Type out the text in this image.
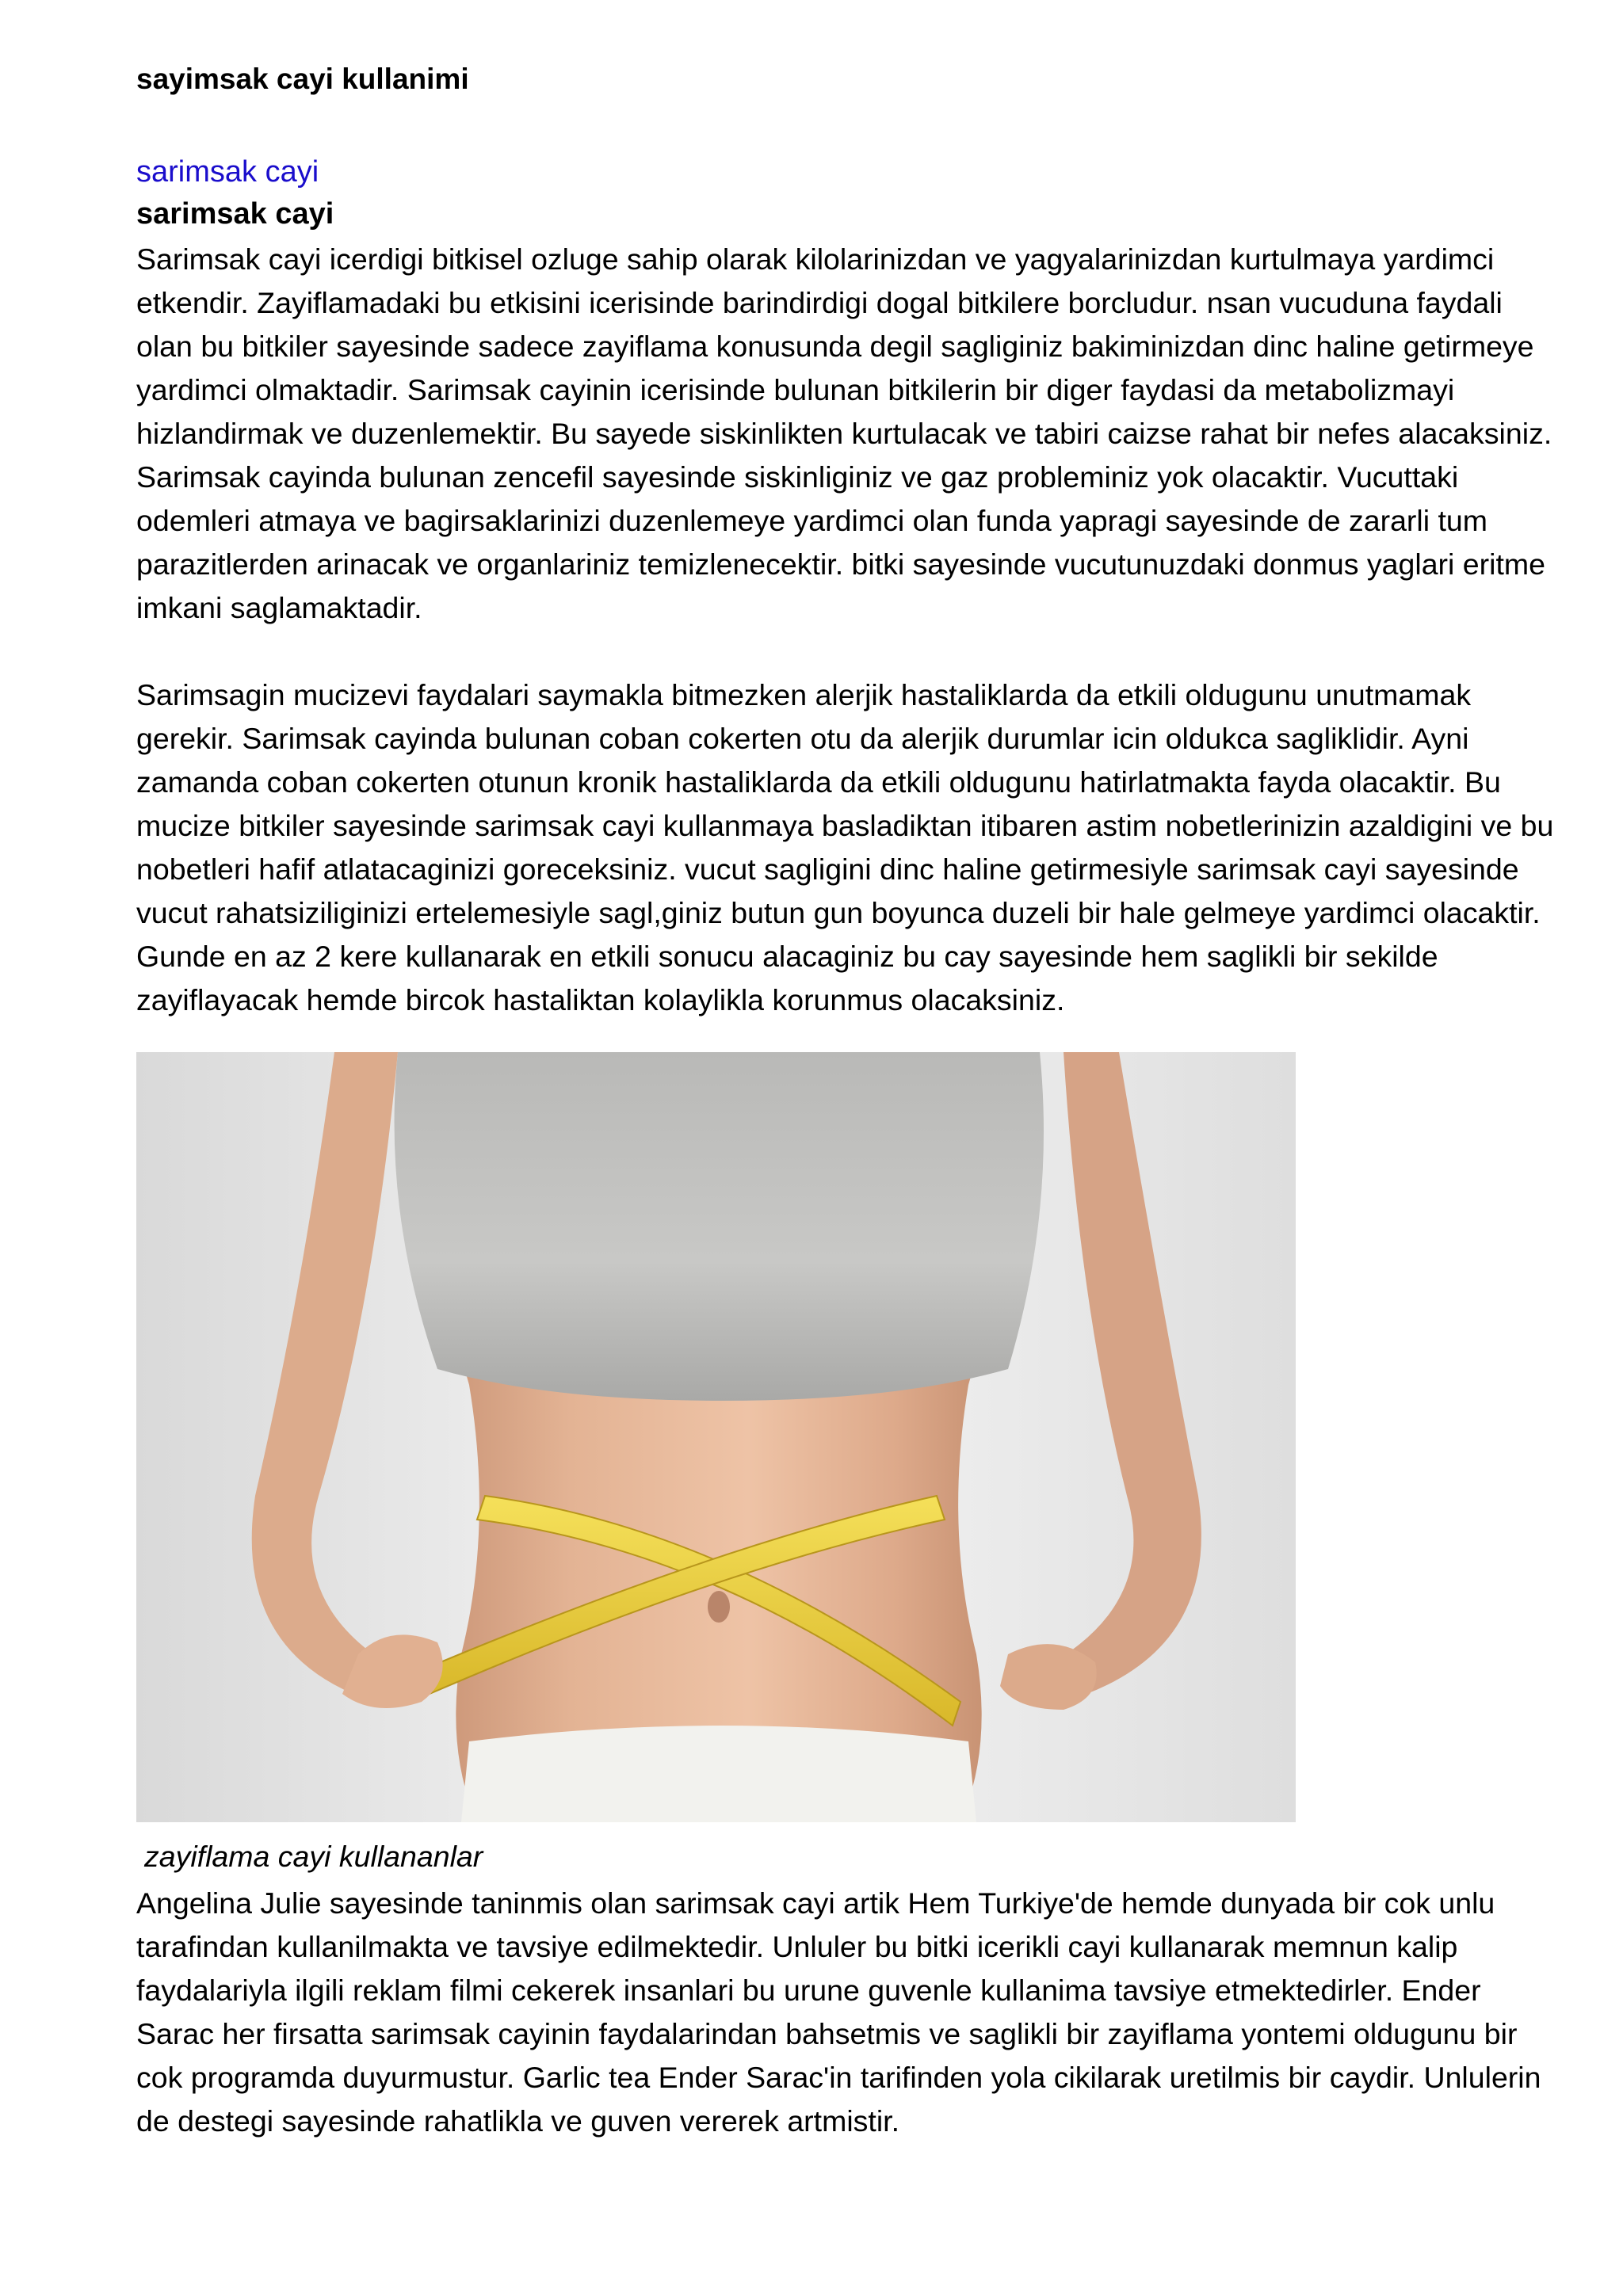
sayimsak cayi kullanimi
sarimsak cayi
sarimsak cayi

Sarimsak cayi icerdigi bitkisel ozluge sahip olarak kilolarinizdan ve yagyalarinizdan kurtulmaya yardimci etkendir. Zayiflamadaki bu etkisini icerisinde barindirdigi dogal bitkilere borcludur. nsan vucuduna faydali olan bu bitkiler sayesinde sadece zayiflama konusunda degil sagliginiz bakiminizdan dinc haline getirmeye yardimci olmaktadir. Sarimsak cayinin icerisinde bulunan bitkilerin bir diger faydasi da metabolizmayi hizlandirmak ve duzenlemektir. Bu sayede siskinlikten kurtulacak ve tabiri caizse rahat bir nefes alacaksiniz. Sarimsak cayinda bulunan zencefil sayesinde siskinliginiz ve gaz probleminiz yok olacaktir. Vucuttaki odemleri atmaya ve bagirsaklarinizi duzenlemeye yardimci olan funda yapragi sayesinde de zararli tum parazitlerden arinacak ve organlariniz temizlenecektir. bitki sayesinde vucutunuzdaki donmus yaglari eritme imkani saglamaktadir.

Sarimsagin mucizevi faydalari saymakla bitmezken alerjik hastaliklarda da etkili oldugunu unutmamak gerekir. Sarimsak cayinda bulunan coban cokerten otu da alerjik durumlar icin oldukca sagliklidir. Ayni zamanda coban cokerten otunun kronik hastaliklarda da etkili oldugunu hatirlatmakta fayda olacaktir. Bu mucize bitkiler sayesinde sarimsak cayi kullanmaya basladiktan itibaren astim nobetlerinizin azaldigini ve bu nobetleri hafif atlatacaginizi goreceksiniz. vucut sagligini dinc haline getirmesiyle sarimsak cayi sayesinde vucut rahatsiziliginizi ertelemesiyle sagl,giniz butun gun boyunca duzeli bir hale gelmeye yardimci olacaktir. Gunde en az 2 kere kullanarak en etkili sonucu alacaginiz bu cay sayesinde hem saglikli bir sekilde zayiflayacak hemde bircok hastaliktan kolaylikla korunmus olacaksiniz.

zayiflama cayi kullananlar

Angelina Julie sayesinde taninmis olan sarimsak cayi artik Hem Turkiye'de hemde dunyada bir cok unlu tarafindan kullanilmakta ve tavsiye edilmektedir. Unluler bu bitki icerikli cayi kullanarak memnun kalip faydalariyla ilgili reklam filmi cekerek insanlari bu urune guvenle kullanima tavsiye etmektedirler. Ender Sarac her firsatta sarimsak cayinin faydalarindan bahsetmis ve saglikli bir zayiflama yontemi oldugunu bir cok programda duyurmustur. Garlic tea Ender Sarac'in tarifinden yola cikilarak uretilmis bir caydir. Unlulerin de destegi sayesinde rahatlikla ve guven vererek artmistir.
